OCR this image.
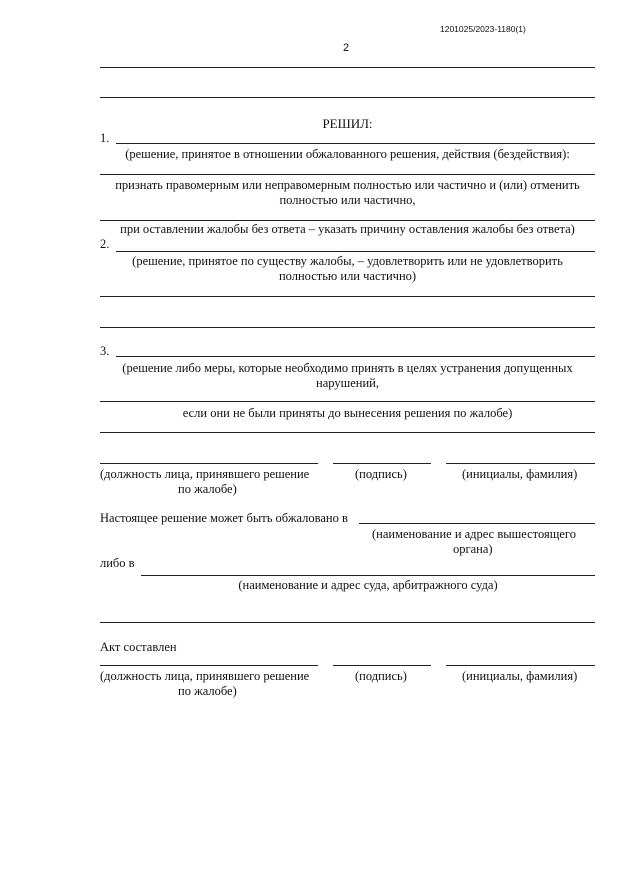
1201025/2023-1180(1)
2
РЕШИЛ:
1.
(решение, принятое в отношении обжалованного решения, действия (бездействия):
признать правомерным или неправомерным полностью или частично и (или) отменить
полностью или частично,
при оставлении жалобы без ответа – указать причину оставления жалобы без ответа)
2.
(решение, принятое по существу жалобы, – удовлетворить или не удовлетворить
полностью или частично)
3.
(решение либо меры, которые необходимо принять в целях устранения допущенных
нарушений,
если они не были приняты до вынесения решения по жалобе)
(должность лица, принявшего решение
по жалобе)
(подпись)	(инициалы, фамилия)
Настоящее решение может быть обжаловано в
(наименование и адрес вышестоящего
органа)
либо в
(наименование и адрес суда, арбитражного суда)
Акт составлен
(должность лица, принявшего решение
по жалобе)
(подпись)	(инициалы, фамилия)
